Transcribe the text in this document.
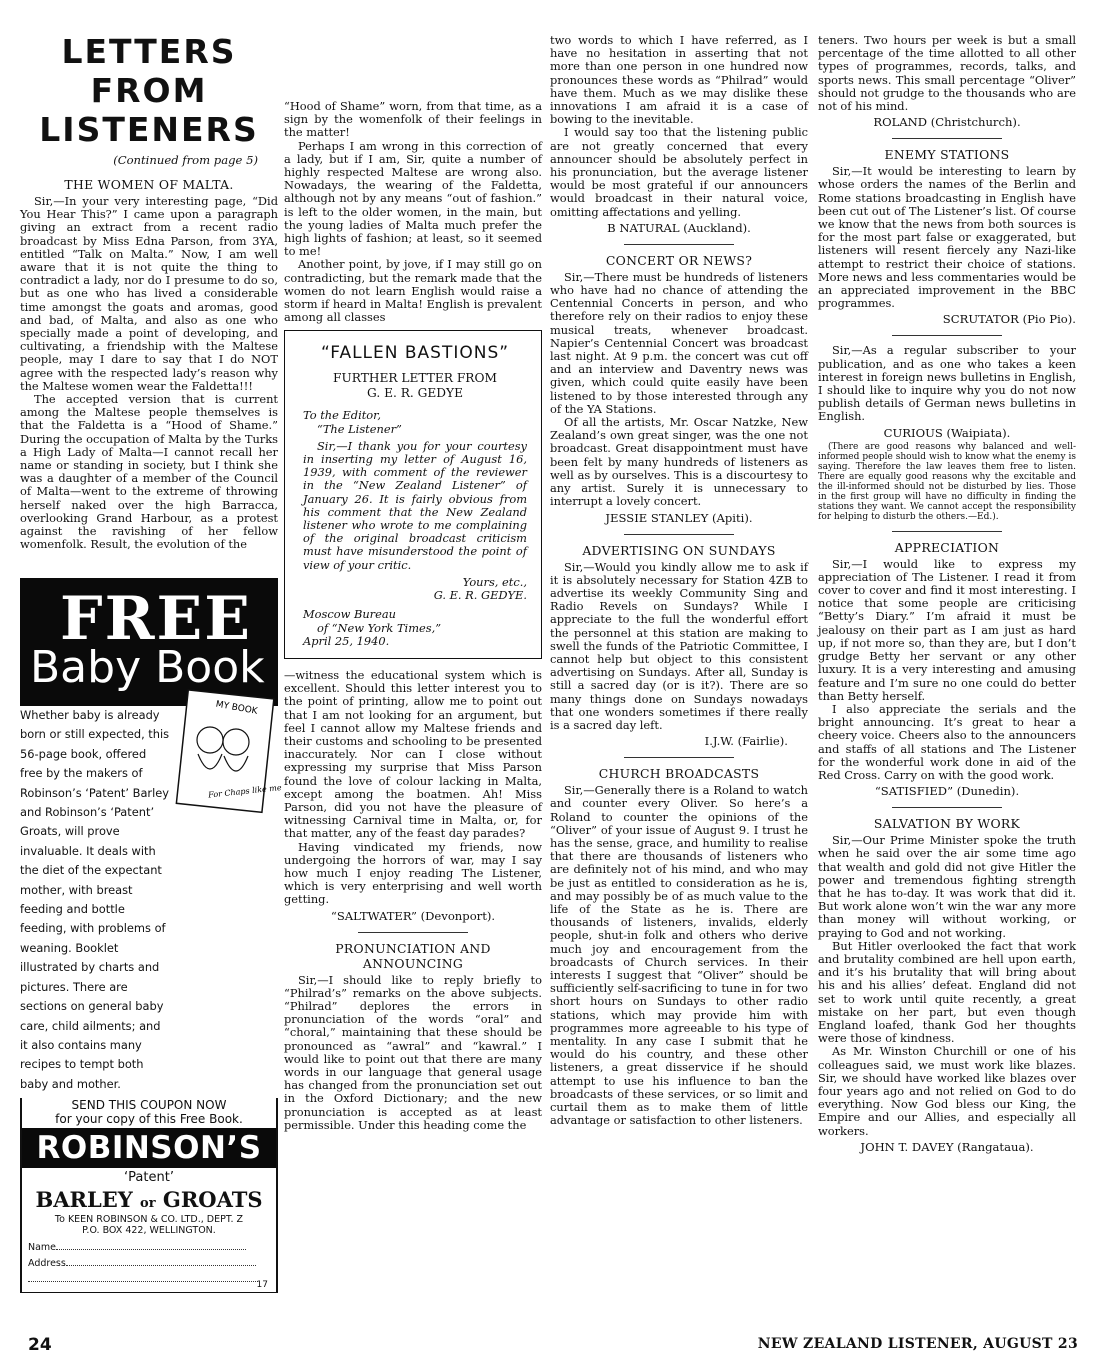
LETTERS FROM LISTENERS
(Continued from page 5)
THE WOMEN OF MALTA.

Sir,—In your very interesting page, “Did You Hear This?” I came upon a paragraph giving an extract from a recent radio broadcast by Miss Edna Parson, from 3YA, entitled “Talk on Malta.” Now, I am well aware that it is not quite the thing to contradict a lady, nor do I presume to do so, but as one who has lived a considerable time amongst the goats and aromas, good and bad, of Malta, and also as one who specially made a point of developing, and cultivating, a friendship with the Maltese people, may I dare to say that I do NOT agree with the respected lady’s reason why the Maltese women wear the Faldetta!!!

The accepted version that is current among the Maltese people themselves is that the Faldetta is a “Hood of Shame.” During the occupation of Malta by the Turks a High Lady of Malta—I cannot recall her name or standing in society, but I think she was a daughter of a member of the Council of Malta—went to the extreme of throwing herself naked over the high Barracca, overlooking Grand Harbour, as a protest against the ravishing of her fellow womenfolk. Result, the evolution of the

FREE
Baby Book
MY BOOK
For Chaps like me
Whether baby is already born or still expected, this 56-page book, offered free by the makers of Robinson’s ‘Patent’ Barley and Robinson’s ‘Patent’ Groats, will prove invaluable. It deals with the diet of the expectant mother, with breast feeding and bottle feeding, with problems of weaning. Booklet illustrated by charts and pictures. There are sections on general baby care, child ailments; and it also contains many recipes to tempt both baby and mother.
SEND THIS COUPON NOW
for your copy of this Free Book.
ROBINSON’S
‘Patent’
BARLEY or GROATS
To KEEN ROBINSON & CO. LTD., DEPT. Z
P.O. BOX 422, WELLINGTON.
Name
Address
17

“Hood of Shame” worn, from that time, as a sign by the womenfolk of their feelings in the matter!

Perhaps I am wrong in this correction of a lady, but if I am, Sir, quite a number of highly respected Maltese are wrong also. Nowadays, the wearing of the Faldetta, although not by any means “out of fashion.” is left to the older women, in the main, but the young ladies of Malta much prefer the high lights of fashion; at least, so it seemed to me!

Another point, by jove, if I may still go on contradicting, but the remark made that the women do not learn English would raise a storm if heard in Malta! English is prevalent among all classes

“FALLEN BASTIONS”
FURTHER LETTER FROM
G. E. R. GEDYE

To the Editor,

“The Listener”

Sir,—I thank you for your courtesy in inserting my letter of August 16, 1939, with comment of the reviewer in the “New Zealand Listener” of January 26. It is fairly obvious from his comment that the New Zealand listener who wrote to me complaining of the original broadcast criticism must have misunderstood the point of view of your critic.

Yours, etc.,

G. E. R. GEDYE.

Moscow Bureau

of “New York Times,”

April 25, 1940.

—witness the educational system which is excellent. Should this letter interest you to the point of printing, allow me to point out that I am not looking for an argument, but feel I cannot allow my Maltese friends and their customs and schooling to be presented inaccurately. Nor can I close without expressing my surprise that Miss Parson found the love of colour lacking in Malta, except among the boatmen. Ah! Miss Parson, did you not have the pleasure of witnessing Carnival time in Malta, or, for that matter, any of the feast day parades?

Having vindicated my friends, now undergoing the horrors of war, may I say how much I enjoy reading The Listener, which is very enterprising and well worth getting.

“SALTWATER” (Devonport).
PRONUNCIATION AND
ANNOUNCING

Sir,—I should like to reply briefly to “Philrad’s” remarks on the above subjects. “Philrad” deplores the errors in pronunciation of the words “oral” and “choral,” maintaining that these should be pronounced as “awral” and “kawral.” I would like to point out that there are many words in our language that general usage has changed from the pronunciation set out in the Oxford Dictionary; and the new pronunciation is accepted as at least permissible. Under this heading come the

two words to which I have referred, as I have no hesitation in asserting that not more than one person in one hundred now pronounces these words as “Philrad” would have them. Much as we may dislike these innovations I am afraid it is a case of bowing to the inevitable.

I would say too that the listening public are not greatly concerned that every announcer should be absolutely perfect in his pronunciation, but the average listener would be most grateful if our announcers would broadcast in their natural voice, omitting affectations and yelling.

B NATURAL (Auckland).
CONCERT OR NEWS?

Sir,—There must be hundreds of listeners who have had no chance of attending the Centennial Concerts in person, and who therefore rely on their radios to enjoy these musical treats, whenever broadcast. Napier’s Centennial Concert was broadcast last night. At 9 p.m. the concert was cut off and an interview and Daventry news was given, which could quite easily have been listened to by those interested through any of the YA Stations.

Of all the artists, Mr. Oscar Natzke, New Zealand’s own great singer, was the one not broadcast. Great disappointment must have been felt by many hundreds of listeners as well as by ourselves. This is a discourtesy to any artist. Surely it is unnecessary to interrupt a lovely concert.

JESSIE STANLEY (Apiti).
ADVERTISING ON SUNDAYS

Sir,—Would you kindly allow me to ask if it is absolutely necessary for Station 4ZB to advertise its weekly Community Sing and Radio Revels on Sundays? While I appreciate to the full the wonderful effort the personnel at this station are making to swell the funds of the Patriotic Committee, I cannot help but object to this consistent advertising on Sundays. After all, Sunday is still a sacred day (or is it?). There are so many things done on Sundays nowadays that one wonders sometimes if there really is a sacred day left.

I.J.W. (Fairlie).
CHURCH BROADCASTS

Sir,—Generally there is a Roland to watch and counter every Oliver. So here’s a Roland to counter the opinions of the “Oliver” of your issue of August 9. I trust he has the sense, grace, and humility to realise that there are thousands of listeners who are definitely not of his mind, and who may be just as entitled to consideration as he is, and may possibly be of as much value to the life of the State as he is. There are thousands of listeners, invalids, elderly people, shut-in folk and others who derive much joy and encouragement from the broadcasts of Church services. In their interests I suggest that “Oliver” should be sufficiently self-sacrificing to tune in for two short hours on Sundays to other radio stations, which may provide him with programmes more agreeable to his type of mentality. In any case I submit that he would do his country, and these other listeners, a great disservice if he should attempt to use his influence to ban the broadcasts of these services, or so limit and curtail them as to make them of little advantage or satisfaction to other listeners.

teners. Two hours per week is but a small percentage of the time allotted to all other types of programmes, records, talks, and sports news. This small percentage “Oliver” should not grudge to the thousands who are not of his mind.

ROLAND (Christchurch).
ENEMY STATIONS

Sir,—It would be interesting to learn by whose orders the names of the Berlin and Rome stations broadcasting in English have been cut out of The Listener’s list. Of course we know that the news from both sources is for the most part false or exaggerated, but listeners will resent fiercely any Nazi-like attempt to restrict their choice of stations. More news and less commentaries would be an appreciated improvement in the BBC programmes.

SCRUTATOR (Pio Pio).

Sir,—As a regular subscriber to your publication, and as one who takes a keen interest in foreign news bulletins in English, I should like to inquire why you do not now publish details of German news bulletins in English.

CURIOUS (Waipiata).

(There are good reasons why balanced and well-informed people should wish to know what the enemy is saying. Therefore the law leaves them free to listen. There are equally good reasons why the excitable and the ill-informed should not be disturbed by lies. Those in the first group will have no difficulty in finding the stations they want. We cannot accept the responsibility for helping to disturb the others.—Ed.).

APPRECIATION

Sir,—I would like to express my appreciation of The Listener. I read it from cover to cover and find it most interesting. I notice that some people are criticising “Betty’s Diary.” I’m afraid it must be jealousy on their part as I am just as hard up, if not more so, than they are, but I don’t grudge Betty her servant or any other luxury. It is a very interesting and amusing feature and I’m sure no one could do better than Betty herself.

I also appreciate the serials and the bright announcing. It’s great to hear a cheery voice. Cheers also to the announcers and staffs of all stations and The Listener for the wonderful work done in aid of the Red Cross. Carry on with the good work.

“SATISFIED” (Dunedin).
SALVATION BY WORK

Sir,—Our Prime Minister spoke the truth when he said over the air some time ago that wealth and gold did not give Hitler the power and tremendous fighting strength that he has to-day. It was work that did it. But work alone won’t win the war any more than money will without working, or praying to God and not working.

But Hitler overlooked the fact that work and brutality combined are hell upon earth, and it’s his brutality that will bring about his and his allies’ defeat. England did not set to work until quite recently, a great mistake on her part, but even though England loafed, thank God her thoughts were those of kindness.

As Mr. Winston Churchill or one of his colleagues said, we must work like blazes. Sir, we should have worked like blazes over four years ago and not relied on God to do everything. Now God bless our King, the Empire and our Allies, and especially all workers.

JOHN T. DAVEY (Rangataua).
24	NEW ZEALAND LISTENER, AUGUST 23
